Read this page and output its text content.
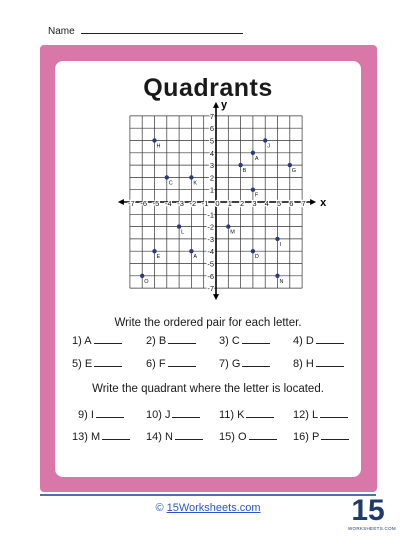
Name
Quadrants
x
y
-7 -6 -5 -4 -3 -2 -1 0 1 2 3 4 5 6 7
7
6
5
4
3
2
1
-1
-2
-3
-4
-5
-6
-7
H
C	K
B
A
J
G
F
L	M
I
E	A	D
O	N
Write the ordered pair for each letter.
1) A	2) B	3) C	4) D
5) E	6) F	7) G	8) H
Write the quadrant where the letter is located.
9) I	10) J	11) K	12) L
13) M	14) N	15) O	16) P
© 15Worksheets.com	15
WORKSHEETS.COM
